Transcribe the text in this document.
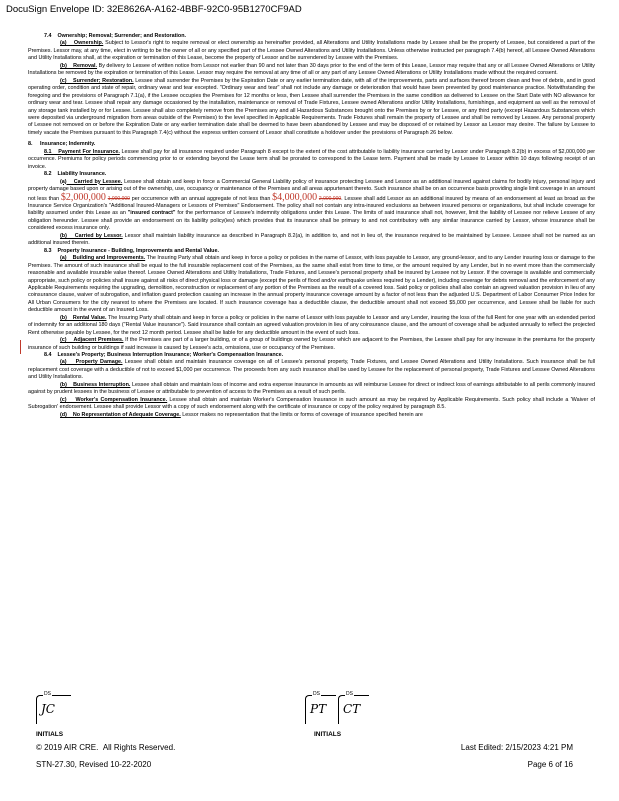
DocuSign Envelope ID: 32E8626A-A162-4BBF-92C0-95B1270CF9AD

7.4    Ownership; Removal; Surrender; and Restoration.

(a)    Ownership. Subject to Lessor's right to require removal or elect ownership as hereinafter provided, all Alterations and Utility Installations made by Lessee shall be the property of Lessee, but considered a part of the Premises. Lessor may, at any time, elect in writing to be the owner of all or any specified part of the Lessee Owned Alterations and Utility Installations. Unless otherwise instructed per paragraph 7.4(b) hereof, all Lessee Owned Alterations and Utility Installations shall, at the expiration or termination of this Lease, become the property of Lessor and be surrendered by Lessee with the Premises.

(b)    Removal. By delivery to Lessee of written notice from Lessor not earlier than 90 and not later than 30 days prior to the end of the term of this Lease, Lessor may require that any or all Lessee Owned Alterations or Utility Installations be removed by the expiration or termination of this Lease. Lessor may require the removal at any time of all or any part of any Lessee Owned Alterations or Utility Installations made without the required consent.

(c)    Surrender; Restoration. Lessee shall surrender the Premises by the Expiration Date or any earlier termination date, with all of the improvements, parts and surfaces thereof broom clean and free of debris, and in good operating order, condition and state of repair, ordinary wear and tear excepted. "Ordinary wear and tear" shall not include any damage or deterioration that would have been prevented by good maintenance practice. Notwithstanding the foregoing and the provisions of Paragraph 7.1(a), if the Lessee occupies the Premises for 12 months or less, then Lessee shall surrender the Premises in the same condition as delivered to Lessee on the Start Date with NO allowance for ordinary wear and tear. Lessee shall repair any damage occasioned by the installation, maintenance or removal of Trade Fixtures, Lessee owned Alterations and/or Utility Installations, furnishings, and equipment as well as the removal of any storage tank installed by or for Lessee. Lessee shall also completely remove from the Premises any and all Hazardous Substances brought onto the Premises by or for Lessee, or any third party (except Hazardous Substances which were deposited via underground migration from areas outside of the Premises) to the level specified in Applicable Requirements. Trade Fixtures shall remain the property of Lessee and shall be removed by Lessee. Any personal property of Lessee not removed on or before the Expiration Date or any earlier termination date shall be deemed to have been abandoned by Lessee and may be disposed of or retained by Lessor as Lessor may desire. The failure by Lessee to timely vacate the Premises pursuant to this Paragraph 7.4(c) without the express written consent of Lessor shall constitute a holdover under the provisions of Paragraph 26 below.

8.     Insurance; Indemnity.

8.1    Payment For Insurance. Lessee shall pay for all insurance required under Paragraph 8 except to the extent of the cost attributable to liability insurance carried by Lessor under Paragraph 8.2(b) in excess of $2,000,000 per occurrence. Premiums for policy periods commencing prior to or extending beyond the Lease term shall be prorated to correspond to the Lease term. Payment shall be made by Lessee to Lessor within 10 days following receipt of an invoice.

8.2    Liability Insurance.

(a)    Carried by Lessee. Lessee shall obtain and keep in force a Commercial General Liability policy of insurance protecting Lessee and Lessor as an additional insured against claims for bodily injury, personal injury and property damage based upon or arising out of the ownership, use, occupancy or maintenance of the Premises and all areas appurtenant thereto. Such insurance shall be on an occurrence basis providing single limit coverage in an amount not less than $2,000,000 1,000,000 per occurrence with an annual aggregate of not less than $4,000,000 2,000,000. Lessee shall add Lessor as an additional insured by means of an endorsement at least as broad as the Insurance Service Organization's "Additional Insured-Managers or Lessors of Premises" Endorsement. The policy shall not contain any intra-insured exclusions as between insured persons or organizations, but shall include coverage for liability assumed under this Lease as an "insured contract" for the performance of Lessee's indemnity obligations under this Lease. The limits of said insurance shall not, however, limit the liability of Lessee nor relieve Lessee of any obligation hereunder. Lessee shall provide an endorsement on its liability policy(ies) which provides that its insurance shall be primary to and not contributory with any similar insurance carried by Lessor, whose insurance shall be considered excess insurance only.

(b)    Carried by Lessor. Lessor shall maintain liability insurance as described in Paragraph 8.2(a), in addition to, and not in lieu of, the insurance required to be maintained by Lessee. Lessee shall not be named as an additional insured therein.

8.3    Property Insurance - Building, Improvements and Rental Value.

(a)    Building and Improvements. The Insuring Party shall obtain and keep in force a policy or policies in the name of Lessor, with loss payable to Lessor, any ground-lessor, and to any Lender insuring loss or damage to the Premises. The amount of such insurance shall be equal to the full insurable replacement cost of the Premises, as the same shall exist from time to time, or the amount required by any Lender, but in no event more than the commercially reasonable and available insurable value thereof. Lessee Owned Alterations and Utility Installations, Trade Fixtures, and Lessee's personal property shall be insured by Lessee not by Lessor. If the coverage is available and commercially appropriate, such policy or policies shall insure against all risks of direct physical loss or damage (except the perils of flood and/or earthquake unless required by a Lender), including coverage for debris removal and the enforcement of any Applicable Requirements requiring the upgrading, demolition, reconstruction or replacement of any portion of the Premises as the result of a covered loss. Said policy or policies shall also contain an agreed valuation provision in lieu of any coinsurance clause, waiver of subrogation, and inflation guard protection causing an increase in the annual property insurance coverage amount by a factor of not less than the adjusted U.S. Department of Labor Consumer Price Index for All Urban Consumers for the city nearest to where the Premises are located. If such insurance coverage has a deductible clause, the deductible amount shall not exceed $5,000 per occurrence, and Lessee shall be liable for such deductible amount in the event of an Insured Loss.

(b)    Rental Value. The Insuring Party shall obtain and keep in force a policy or policies in the name of Lessor with loss payable to Lessor and any Lender, insuring the loss of the full Rent for one year with an extended period of indemnity for an additional 180 days ("Rental Value insurance"). Said insurance shall contain an agreed valuation provision in lieu of any coinsurance clause, and the amount of coverage shall be adjusted annually to reflect the projected Rent otherwise payable by Lessee, for the next 12 month period. Lessee shall be liable for any deductible amount in the event of such loss.

(c)    Adjacent Premises. If the Premises are part of a larger building, or of a group of buildings owned by Lessor which are adjacent to the Premises, the Lessee shall pay for any increase in the premiums for the property insurance of such building or buildings if said increase is caused by Lessee's acts, omissions, use or occupancy of the Premises.

8.4    Lessee's Property; Business Interruption Insurance; Worker's Compensation Insurance.

(a)    Property Damage. Lessee shall obtain and maintain insurance coverage on all of Lessee's personal property, Trade Fixtures, and Lessee Owned Alterations and Utility Installations. Such insurance shall be full replacement cost coverage with a deductible of not to exceed $1,000 per occurrence. The proceeds from any such insurance shall be used by Lessee for the replacement of personal property, Trade Fixtures and Lessee Owned Alterations and Utility Installations.

(b)    Business Interruption. Lessee shall obtain and maintain loss of income and extra expense insurance in amounts as will reimburse Lessee for direct or indirect loss of earnings attributable to all perils commonly insured against by prudent lessees in the business of Lessee or attributable to prevention of access to the Premises as a result of such perils.

(c)    Worker's Compensation Insurance. Lessee shall obtain and maintain Worker's Compensation Insurance in such amount as may be required by Applicable Requirements. Such policy shall include a 'Waiver of Subrogation' endorsement. Lessee shall provide Lessor with a copy of such endorsement along with the certificate of insurance or copy of the policy required by paragraph 8.5.

(d)    No Representation of Adequate Coverage. Lessor makes no representation that the limits or forms of coverage of insurance specified herein are

DS
JC
INITIALS
DS
PT
DS
CT
INITIALS
© 2019 AIR CRE.  All Rights Reserved.
STN-27.30, Revised 10-22-2020
Last Edited: 2/15/2023 4:21 PM
Page 6 of 16
